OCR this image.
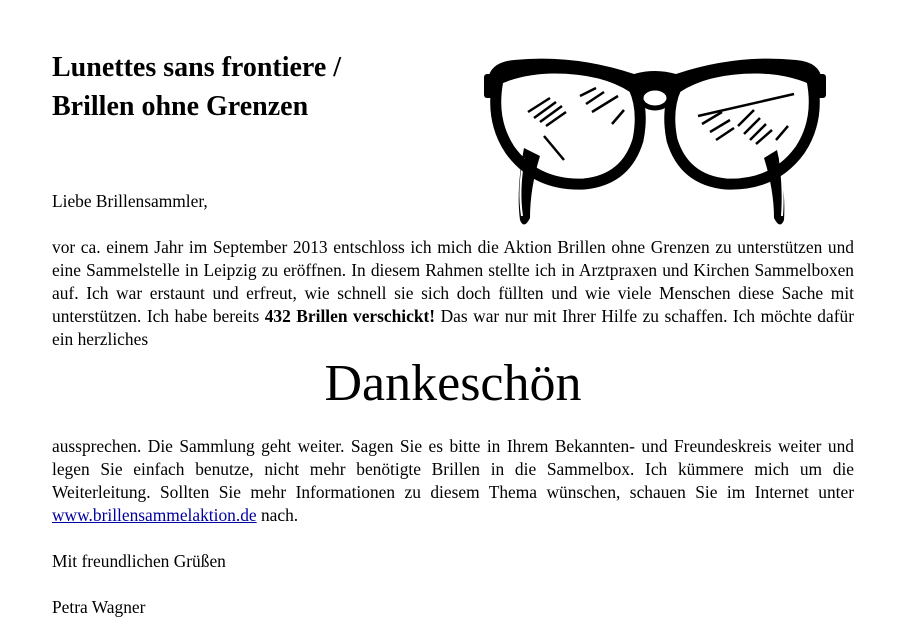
Lunettes sans frontiere /
Brillen ohne Grenzen

Liebe Brillensammler,

vor ca. einem Jahr im September 2013 entschloss ich mich die Aktion Brillen ohne Grenzen zu unterstützen und eine Sammelstelle in Leipzig zu eröffnen. In diesem Rahmen stellte ich in Arztpraxen und Kirchen Sammelboxen auf. Ich war erstaunt und erfreut, wie schnell sie sich doch füllten und wie viele Menschen diese Sache mit unterstützen. Ich habe bereits 432 Brillen verschickt! Das war nur mit Ihrer Hilfe zu schaffen. Ich möchte dafür ein herzliches

Dankeschön

aussprechen. Die Sammlung geht weiter. Sagen Sie es bitte in Ihrem Bekannten- und Freundeskreis weiter und legen Sie einfach benutze, nicht mehr benötigte Brillen in die Sammelbox. Ich kümmere mich um die Weiterleitung. Sollten Sie mehr Informationen zu diesem Thema wünschen, schauen Sie im Internet unter www.brillensammelaktion.de nach.

Mit freundlichen Grüßen

Petra Wagner
